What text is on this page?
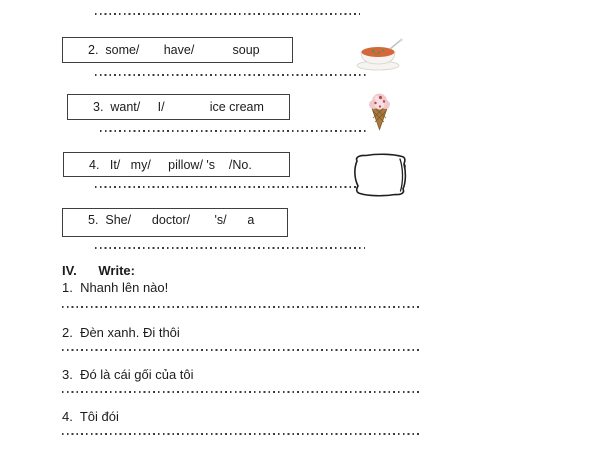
2.  some/       have/           soup
3.  want/     I/             ice cream
4.   It/   my/     pillow/ 's    /No.
5.  She/      doctor/       's/      a
IV.      Write:
1.  Nhanh lên nào!
2.  Đèn xanh. Đi thôi
3.  Đó là cái gối của tôi
4.  Tôi đói
